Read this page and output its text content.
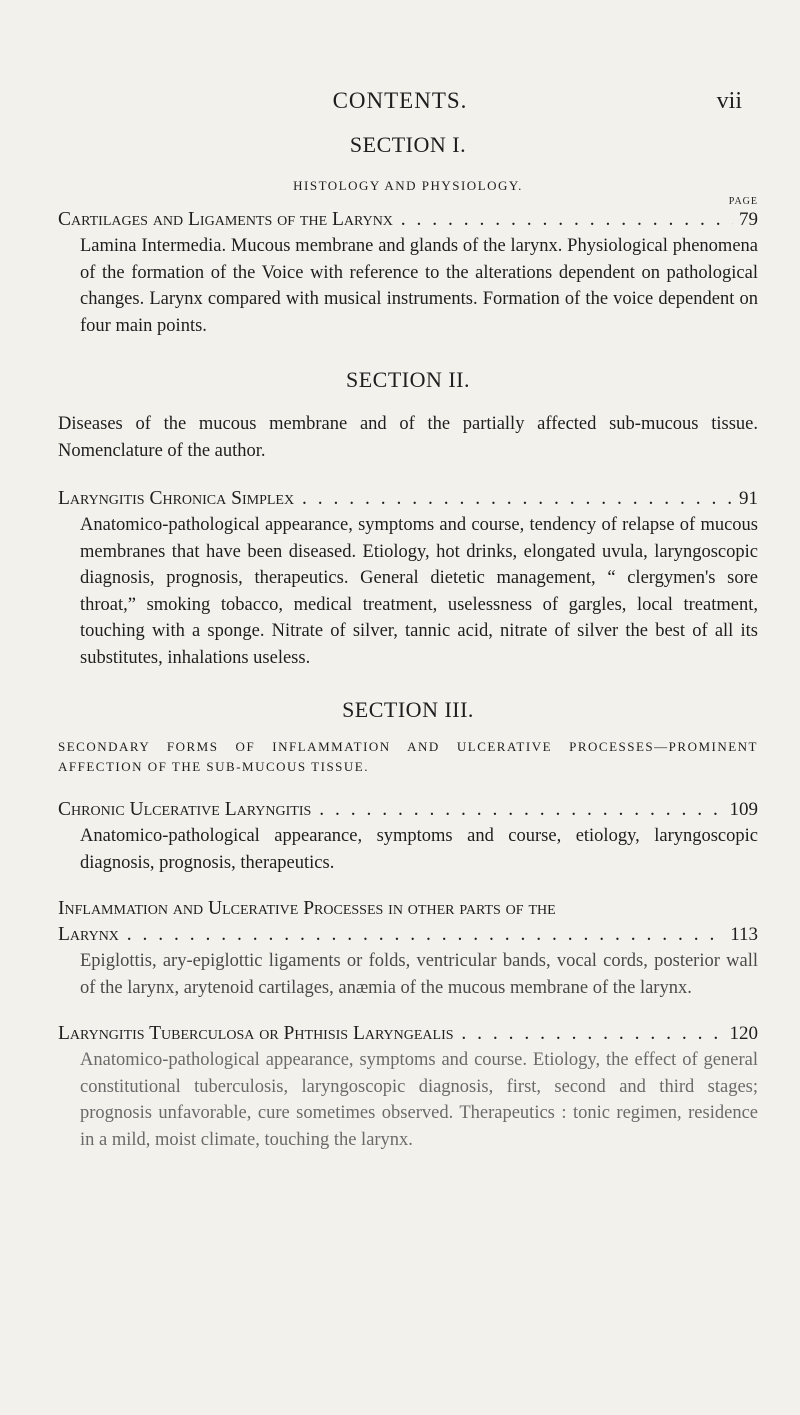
CONTENTS.	vii

SECTION I.

HISTOLOGY AND PHYSIOLOGY.

PAGE

Cartilages and Ligaments of the Larynx . .	79

Lamina Intermedia. Mucous membrane and glands of the larynx. Physiological phenomena of the formation of the Voice with reference to the alterations dependent on pathological changes. Larynx compared with musical instruments. Formation of the voice dependent on four main points.

SECTION II.

Diseases of the mucous membrane and of the partially affected sub-mucous tissue. Nomenclature of the author.

Laryngitis Chronica Simplex . .	91

Anatomico-pathological appearance, symptoms and course, tendency of relapse of mucous membranes that have been diseased. Etiology, hot drinks, elongated uvula, laryngoscopic diagnosis, prognosis, therapeutics. General dietetic management, “ clergymen's sore throat,” smoking tobacco, medical treatment, uselessness of gargles, local treatment, touching with a sponge. Nitrate of silver, tannic acid, nitrate of silver the best of all its substitutes, inhalations useless.

SECTION III.

SECONDARY FORMS OF INFLAMMATION AND ULCERATIVE PROCESSES—PROMINENT AFFECTION OF THE SUB-MUCOUS TISSUE.

Chronic Ulcerative Laryngitis . .	109

Anatomico-pathological appearance, symptoms and course, etiology, laryngoscopic diagnosis, prognosis, therapeutics.

Inflammation and Ulcerative Processes in other parts of the

Larynx . .	113

Epiglottis, ary-epiglottic ligaments or folds, ventricular bands, vocal cords, posterior wall of the larynx, arytenoid cartilages, anæmia of the mucous membrane of the larynx.

Laryngitis Tuberculosa or Phthisis Laryngealis . .	120

Anatomico-pathological appearance, symptoms and course. Etiology, the effect of general constitutional tuberculosis, laryngoscopic diagnosis, first, second and third stages; prognosis unfavorable, cure sometimes observed. Therapeutics : tonic regimen, residence in a mild, moist climate, touching the larynx.
